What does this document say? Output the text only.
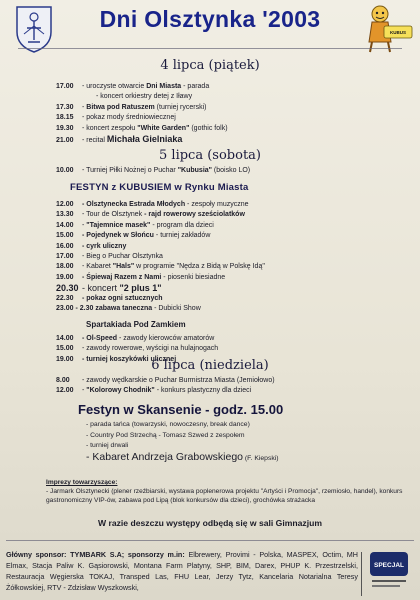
Dni Olsztynka '2003
KUBUS
4 lipca (piątek)
17.00 - uroczyste otwarcie Dni Miasta - parada
- koncert orkiestry detej z Iławy
17.30 - Bitwa pod Ratuszem (turniej rycerski)
18.15 - pokaz mody średniowiecznej
19.30 - koncert zespołu "White Garden" (gothic folk)
21.00 - recital Michała Gielniaka
5 lipca (sobota)
10.00 - Turniej Piłki Nożnej o Puchar "Kubusia" (boisko LO)
FESTYN z KUBUSIEM w Rynku Miasta
12.00 - Olsztynecka Estrada Młodych - zespoły muzyczne
13.30 - Tour de Olsztynek - rajd rowerowy sześciolatków
14.00 - "Tajemnice masek" - program dla dzieci
15.00 - Pojedynek w Słońcu - turniej zakładów
16.00 - cyrk uliczny
17.00 - Bieg o Puchar Olsztynka
18.00 - Kabaret "Hals" w programie "Nędza z Bidą w Polskę Idą"
19.00 - Śpiewaj Razem z Nami - piosenki biesiadne
20.30 - koncert "2 plus 1"
22.30 - pokaz ogni sztucznych
23.00 - 2.30 zabawa taneczna - Dubicki Show
Spartakiada Pod Zamkiem
14.00 - Ol-Speed - zawody kierowców amatorów
15.00 - zawody rowerowe, wyścigi na hulajnogach
19.00 - turniej koszykówki ulicznej
6 lipca (niedziela)
8.00 - zawody wędkarskie o Puchar Burmistrza Miasta (Jemiołowo)
12.00 - "Kolorowy Chodnik" - konkurs plastyczny dla dzieci
Festyn w Skansenie - godz. 15.00
- parada tańca (towarzyski, nowoczesny, break dance)
- Country Pod Strzechą - Tomasz Szwed z zespołem
- turniej drwali
- Kabaret Andrzeja Grabowskiego (F. Kiepski)
Imprezy towarzyszące:
- Jarmark Olsztynecki (plener rzeźbiarski, wystawa poplenerowa projektu "Artyści i Promocja", rzemiosło, handel), konkurs gastronomiczny VIP-ów, zabawa pod Lipą (blok konkursów dla dzieci), grochówka strażacka
W razie deszczu występy odbędą się w sali Gimnazjum
Główny sponsor: TYMBARK S.A; sponsorzy m.in: Elbrewery, Provimi - Polska, MASPEX, Octim, MH Elmax, Stacja Paliw K. Gąsiorowski, Montana Farm Platyny, SHP, BIM, Darex, PHUP K. Przestrzelski, Restauracja Węgierska TOKAJ, Transped Las, FHU Lear, Jerzy Tytz, Kancelaria Notarialna Teresy Żółkowskiej, RTV - Zdzisław Wyszkowski,
SPECJAL
